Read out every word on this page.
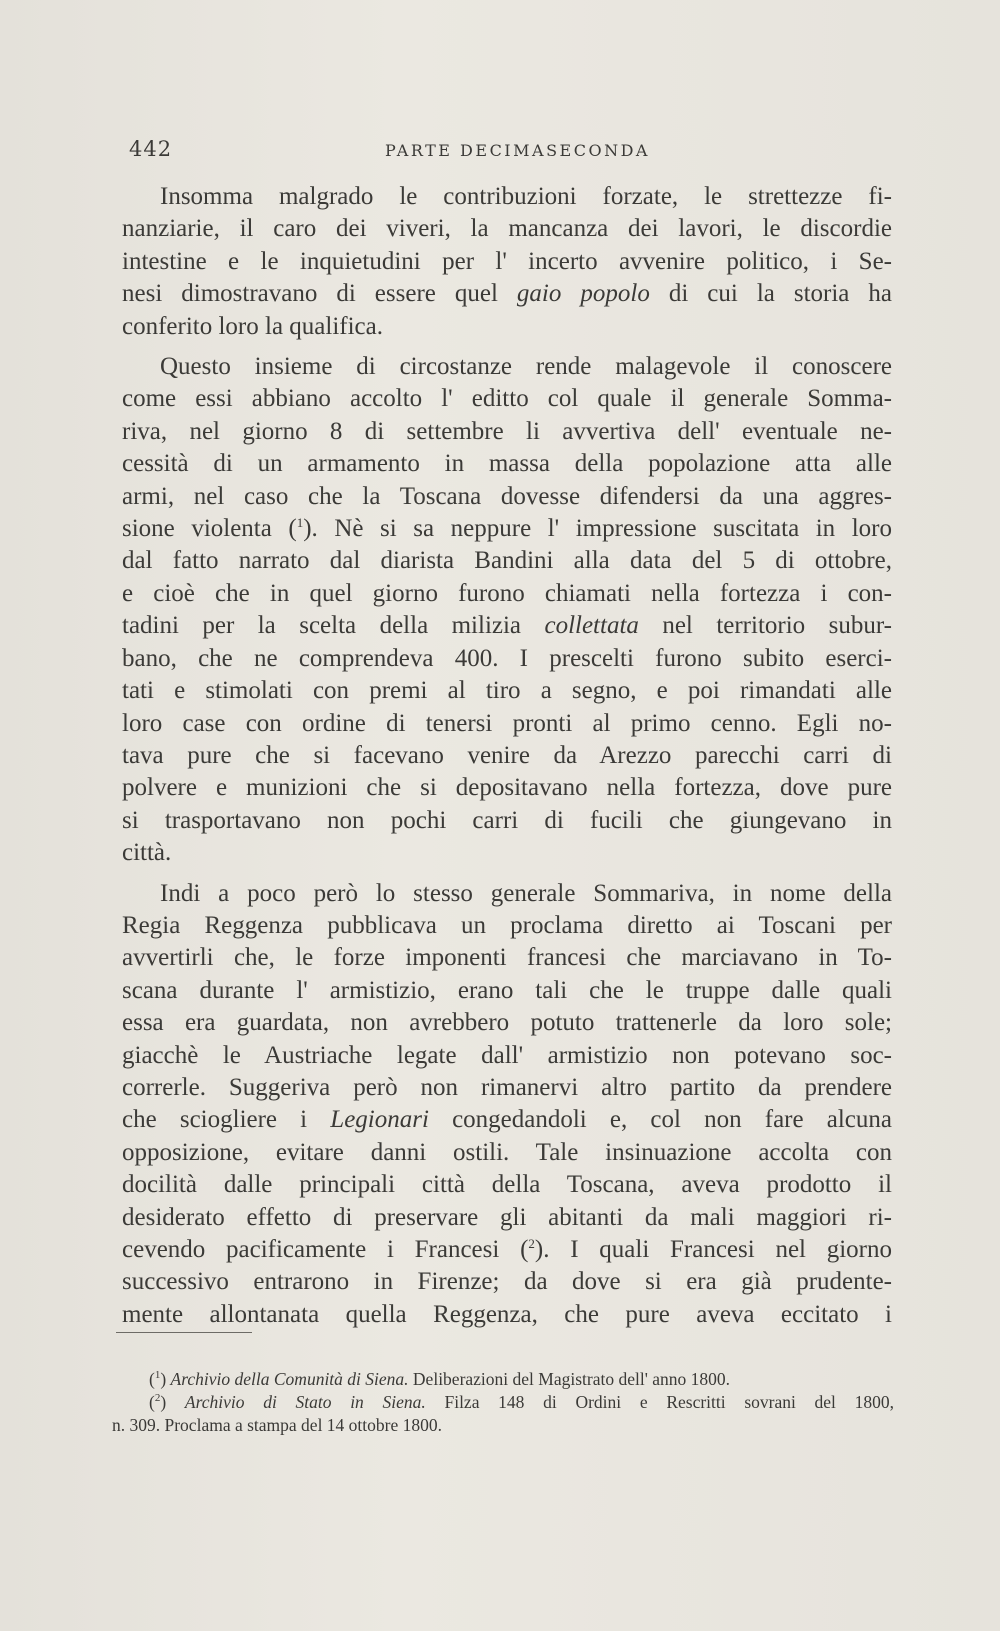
442	PARTE DECIMASECONDA
Insomma malgrado le contribuzioni forzate, le strettezze fi-
nanziarie, il caro dei viveri, la mancanza dei lavori, le discordie
intestine e le inquietudini per l' incerto avvenire politico, i Se-
nesi dimostravano di essere quel gaio popolo di cui la storia ha
conferito loro la qualifica.
Questo insieme di circostanze rende malagevole il conoscere
come essi abbiano accolto l' editto col quale il generale Somma-
riva, nel giorno 8 di settembre li avvertiva dell' eventuale ne-
cessità di un armamento in massa della popolazione atta alle
armi, nel caso che la Toscana dovesse difendersi da una aggres-
sione violenta ($^1$). Nè si sa neppure l' impressione suscitata in loro
dal fatto narrato dal diarista Bandini alla data del 5 di ottobre,
e cioè che in quel giorno furono chiamati nella fortezza i con-
tadini per la scelta della milizia collettata nel territorio subur-
bano, che ne comprendeva 400. I prescelti furono subito eserci-
tati e stimolati con premi al tiro a segno, e poi rimandati alle
loro case con ordine di tenersi pronti al primo cenno. Egli no-
tava pure che si facevano venire da Arezzo parecchi carri di
polvere e munizioni che si depositavano nella fortezza, dove pure
si trasportavano non pochi carri di fucili che giungevano in
città.
Indi a poco però lo stesso generale Sommariva, in nome della
Regia Reggenza pubblicava un proclama diretto ai Toscani per
avvertirli che, le forze imponenti francesi che marciavano in To-
scana durante l' armistizio, erano tali che le truppe dalle quali
essa era guardata, non avrebbero potuto trattenerle da loro sole;
giacchè le Austriache legate dall' armistizio non potevano soc-
correrle. Suggeriva però non rimanervi altro partito da prendere
che sciogliere i Legionari congedandoli e, col non fare alcuna
opposizione, evitare danni ostili. Tale insinuazione accolta con
docilità dalle principali città della Toscana, aveva prodotto il
desiderato effetto di preservare gli abitanti da mali maggiori ri-
cevendo pacificamente i Francesi ($^2$). I quali Francesi nel giorno
successivo entrarono in Firenze; da dove si era già prudente-
mente allontanata quella Reggenza, che pure aveva eccitato i
($^1$) Archivio della Comunità di Siena. Deliberazioni del Magistrato dell' anno 1800.
($^2$) Archivio di Stato in Siena. Filza 148 di Ordini e Rescritti sovrani del 1800,
n. 309. Proclama a stampa del 14 ottobre 1800.
